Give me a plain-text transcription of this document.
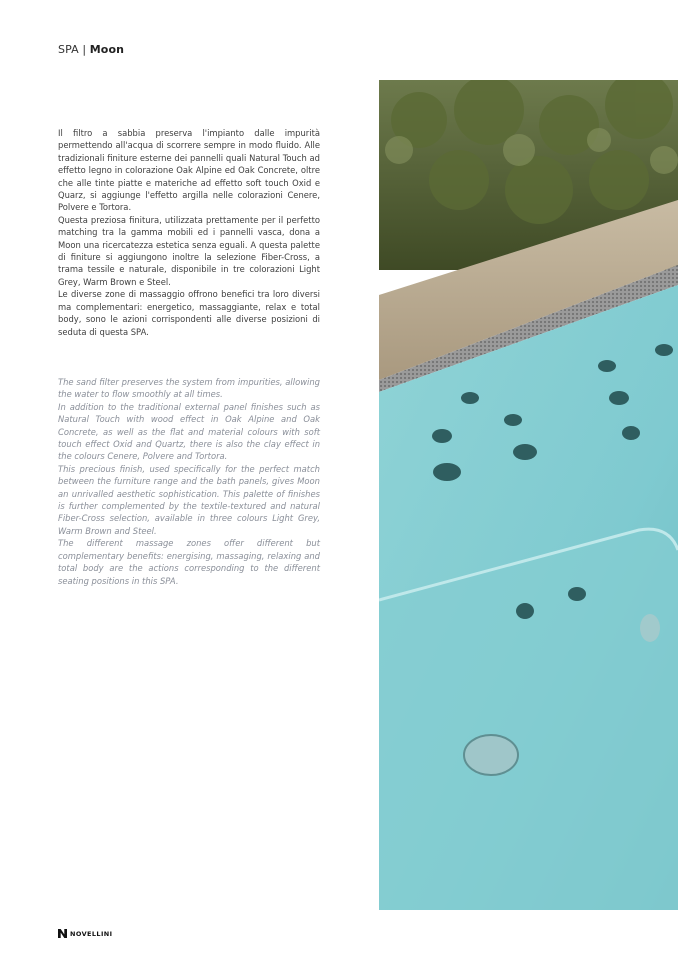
SPA | Moon

Il filtro a sabbia preserva l'impianto dalle impurità permettendo all'acqua di scorrere sempre in modo fluido. Alle tradizionali finiture esterne dei pannelli quali Natural Touch ad effetto legno in colorazione Oak Alpine ed Oak Concrete, oltre che alle tinte piatte e materiche ad effetto soft touch Oxid e Quarz, si aggiunge l'effetto argilla nelle colorazioni Cenere, Polvere e Tortora.

Questa preziosa finitura, utilizzata prettamente per il perfetto matching tra la gamma mobili ed i pannelli vasca, dona a Moon una ricercatezza estetica senza eguali. A questa palette di finiture si aggiungono inoltre la selezione Fiber-Cross, a trama tessile e naturale, disponibile in tre colorazioni Light Grey, Warm Brown e Steel.

Le diverse zone di massaggio offrono benefici tra loro diversi ma complementari: energetico, massaggiante, relax e total body, sono le azioni corrispondenti alle diverse posizioni di seduta di questa SPA.

The sand filter preserves the system from impurities, allowing the water to flow smoothly at all times.

In addition to the traditional external panel finishes such as Natural Touch with wood effect in Oak Alpine and Oak Concrete, as well as the flat and material colours with soft touch effect Oxid and Quartz, there is also the clay effect in the colours Cenere, Polvere and Tortora.

This precious finish, used specifically for the perfect match between the furniture range and the bath panels, gives Moon an unrivalled aesthetic sophistication. This palette of finishes is further complemented by the textile-textured and natural Fiber-Cross selection, available in three colours Light Grey, Warm Brown and Steel.

The different massage zones offer different but complementary benefits: energising, massaging, relaxing and total body are the actions corresponding to the different seating positions in this SPA.

NOVELLINI
